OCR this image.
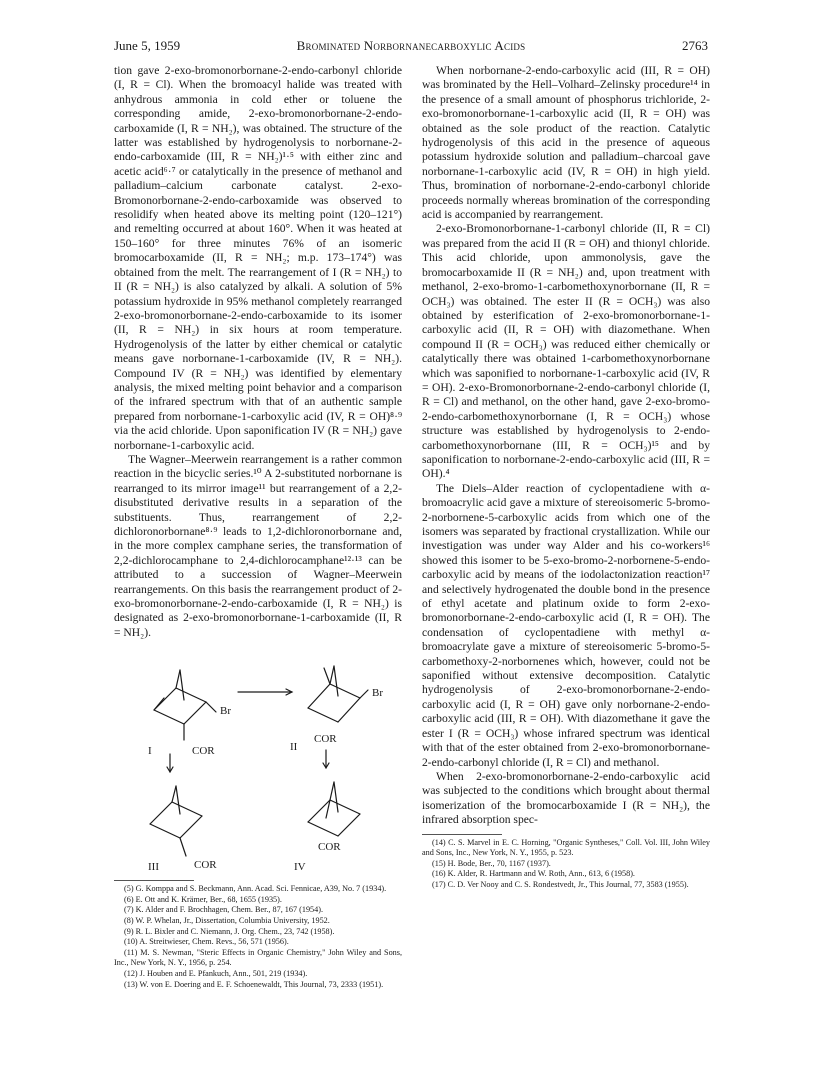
June 5, 1959	Brominated Norbornanecarboxylic Acids	2763

tion gave 2-exo-bromonorbornane-2-endo-carbonyl chloride (I, R = Cl). When the bromoacyl halide was treated with anhydrous ammonia in cold ether or toluene the corresponding amide, 2-exo-bromonorbornane-2-endo-carboxamide (I, R = NH₂), was obtained. The structure of the latter was established by hydrogenolysis to norbornane-2-endo-carboxamide (III, R = NH₂)¹·⁵ with either zinc and acetic acid⁶·⁷ or catalytically in the presence of methanol and palladium–calcium carbonate catalyst. 2-exo-Bromonorbornane-2-endo-carboxamide was observed to resolidify when heated above its melting point (120–121°) and remelting occurred at about 160°. When it was heated at 150–160° for three minutes 76% of an isomeric bromocarboxamide (II, R = NH₂; m.p. 173–174°) was obtained from the melt. The rearrangement of I (R = NH₂) to II (R = NH₂) is also catalyzed by alkali. A solution of 5% potassium hydroxide in 95% methanol completely rearranged 2-exo-bromonorbornane-2-endo-carboxamide to its isomer (II, R = NH₂) in six hours at room temperature. Hydrogenolysis of the latter by either chemical or catalytic means gave norbornane-1-carboxamide (IV, R = NH₂). Compound IV (R = NH₂) was identified by elementary analysis, the mixed melting point behavior and a comparison of the infrared spectrum with that of an authentic sample prepared from norbornane-1-carboxylic acid (IV, R = OH)⁸·⁹ via the acid chloride. Upon saponification IV (R = NH₂) gave norbornane-1-carboxylic acid.

The Wagner–Meerwein rearrangement is a rather common reaction in the bicyclic series.¹⁰ A 2-substituted norbornane is rearranged to its mirror image¹¹ but rearrangement of a 2,2-disubstituted derivative results in a separation of the substituents. Thus, rearrangement of 2,2-dichloronorbornane⁸·⁹ leads to 1,2-dichloronorbornane and, in the more complex camphane series, the transformation of 2,2-dichlorocamphane to 2,4-dichlorocamphane¹²·¹³ can be attributed to a succession of Wagner–Meerwein rearrangements. On this basis the rearrangement product of 2-exo-bromonorbornane-2-endo-carboxamide (I, R = NH₂) is designated as 2-exo-bromonorbornane-1-carboxamide (II, R = NH₂).

Br
COR
Br
COR
COR
COR
I	II
III	IV
(5) G. Komppa and S. Beckmann, Ann. Acad. Sci. Fennicae, A39, No. 7 (1934).
(6) E. Ott and K. Krämer, Ber., 68, 1655 (1935).
(7) K. Alder and F. Brochhagen, Chem. Ber., 87, 167 (1954).
(8) W. P. Whelan, Jr., Dissertation, Columbia University, 1952.
(9) R. L. Bixler and C. Niemann, J. Org. Chem., 23, 742 (1958).
(10) A. Streitwieser, Chem. Revs., 56, 571 (1956).
(11) M. S. Newman, "Steric Effects in Organic Chemistry," John Wiley and Sons, Inc., New York, N. Y., 1956, p. 254.
(12) J. Houben and E. Pfankuch, Ann., 501, 219 (1934).
(13) W. von E. Doering and E. F. Schoenewaldt, This Journal, 73, 2333 (1951).

When norbornane-2-endo-carboxylic acid (III, R = OH) was brominated by the Hell–Volhard–Zelinsky procedure¹⁴ in the presence of a small amount of phosphorus trichloride, 2-exo-bromonorbornane-1-carboxylic acid (II, R = OH) was obtained as the sole product of the reaction. Catalytic hydrogenolysis of this acid in the presence of aqueous potassium hydroxide solution and palladium–charcoal gave norbornane-1-carboxylic acid (IV, R = OH) in high yield. Thus, bromination of norbornane-2-endo-carbonyl chloride proceeds normally whereas bromination of the corresponding acid is accompanied by rearrangement.

2-exo-Bromonorbornane-1-carbonyl chloride (II, R = Cl) was prepared from the acid II (R = OH) and thionyl chloride. This acid chloride, upon ammonolysis, gave the bromocarboxamide II (R = NH₂) and, upon treatment with methanol, 2-exo-bromo-1-carbomethoxynorbornane (II, R = OCH₃) was obtained. The ester II (R = OCH₃) was also obtained by esterification of 2-exo-bromonorbornane-1-carboxylic acid (II, R = OH) with diazomethane. When compound II (R = OCH₃) was reduced either chemically or catalytically there was obtained 1-carbomethoxynorbornane which was saponified to norbornane-1-carboxylic acid (IV, R = OH). 2-exo-Bromonorbornane-2-endo-carbonyl chloride (I, R = Cl) and methanol, on the other hand, gave 2-exo-bromo-2-endo-carbomethoxynorbornane (I, R = OCH₃) whose structure was established by hydrogenolysis to 2-endo-carbomethoxynorbornane (III, R = OCH₃)¹⁵ and by saponification to norbornane-2-endo-carboxylic acid (III, R = OH).⁴

The Diels–Alder reaction of cyclopentadiene with α-bromoacrylic acid gave a mixture of stereoisomeric 5-bromo-2-norbornene-5-carboxylic acids from which one of the isomers was separated by fractional crystallization. While our investigation was under way Alder and his co-workers¹⁶ showed this isomer to be 5-exo-bromo-2-norbornene-5-endo-carboxylic acid by means of the iodolactonization reaction¹⁷ and selectively hydrogenated the double bond in the presence of ethyl acetate and platinum oxide to form 2-exo-bromonorbornane-2-endo-carboxylic acid (I, R = OH). The condensation of cyclopentadiene with methyl α-bromoacrylate gave a mixture of stereoisomeric 5-bromo-5-carbomethoxy-2-norbornenes which, however, could not be saponified without extensive decomposition. Catalytic hydrogenolysis of 2-exo-bromonorbornane-2-endo-carboxylic acid (I, R = OH) gave only norbornane-2-endo-carboxylic acid (III, R = OH). With diazomethane it gave the ester I (R = OCH₃) whose infrared spectrum was identical with that of the ester obtained from 2-exo-bromonorbornane-2-endo-carbonyl chloride (I, R = Cl) and methanol.

When 2-exo-bromonorbornane-2-endo-carboxylic acid was subjected to the conditions which brought about thermal isomerization of the bromocarboxamide I (R = NH₂), the infrared absorption spec-

(14) C. S. Marvel in E. C. Horning, "Organic Syntheses," Coll. Vol. III, John Wiley and Sons, Inc., New York, N. Y., 1955, p. 523.
(15) H. Bode, Ber., 70, 1167 (1937).
(16) K. Alder, R. Hartmann and W. Roth, Ann., 613, 6 (1958).
(17) C. D. Ver Nooy and C. S. Rondestvedt, Jr., This Journal, 77, 3583 (1955).
